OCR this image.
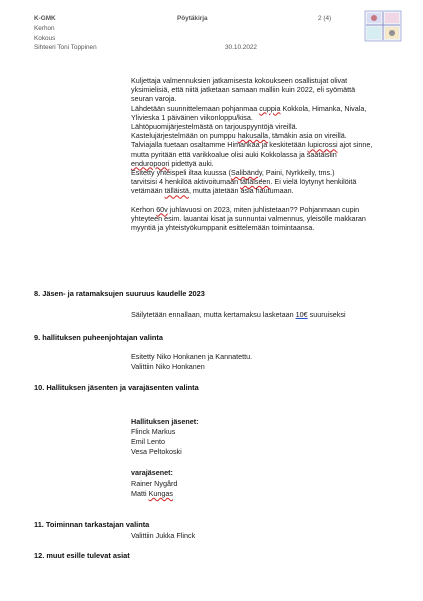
K-GMK	Pöytäkirja	2 (4)
Kerhon
Kokous
Sihteeri Toni Toppinen	30.10.2022
Kuljettaja valmennuksien jatkamisesta kokoukseen osallistujat olivat
yksimielisiä, että niitä jatketaan samaan malliin kuin 2022, eli syömättä
seuran varoja.
Lähdetään suunnittelemaan pohjanmaa cuppia Kokkola, Himanka, Nivala,
Ylivieska 1 päiväinen viikonloppu/kisa.
Lähtöpuomijärjestelmästä on tarjouspyyntöjä vireillä.
Kastelujärjestelmään on pumppu hakusalla, tämäkin asia on vireillä.
Talviajalla tuetaan osaltamme Himankaa ja keskitetään lupicrossi ajot sinne,
mutta pyritään että varikkoalue olisi auki Kokkolassa ja saataisiin
enduropoori pidettyä auki.
Esitetty yhteispeli iltaa kuussa (Salibändy, Paini, Nyrkkeily, tms.)
tarvitsisi 4 henkilöä aktivoitumaan tälläiseen. Ei vielä löytynyt henkilöitä
vetämään tälläistä, mutta jätetään asia hautumaan.
Kerhon 60v juhlavuosi on 2023, miten juhlistetaan?? Pohjanmaan cupin
yhteyteen esim. lauantai kisat ja sunnuntai valmennus, yleisölle makkaran
myyntiä ja yhteistyökumppanit esittelemään toimintaansa.
8. Jäsen- ja ratamaksujen suuruus kaudelle 2023
Säilytetään ennallaan, mutta kertamaksu lasketaan 10€ suuruiseksi
9. hallituksen puheenjohtajan valinta
Esitetty Niko Honkanen ja Kannatettu.
Valittiin Niko Honkanen
10. Hallituksen jäsenten ja varajäsenten valinta
Hallituksen jäsenet:
Flinck Markus
Emil Lento
Vesa Peltokoski
varajäsenet:
Rainer Nygård
Matti Kungas
11. Toiminnan tarkastajan valinta
Valittiin Jukka Flinck
12. muut esille tulevat asiat
